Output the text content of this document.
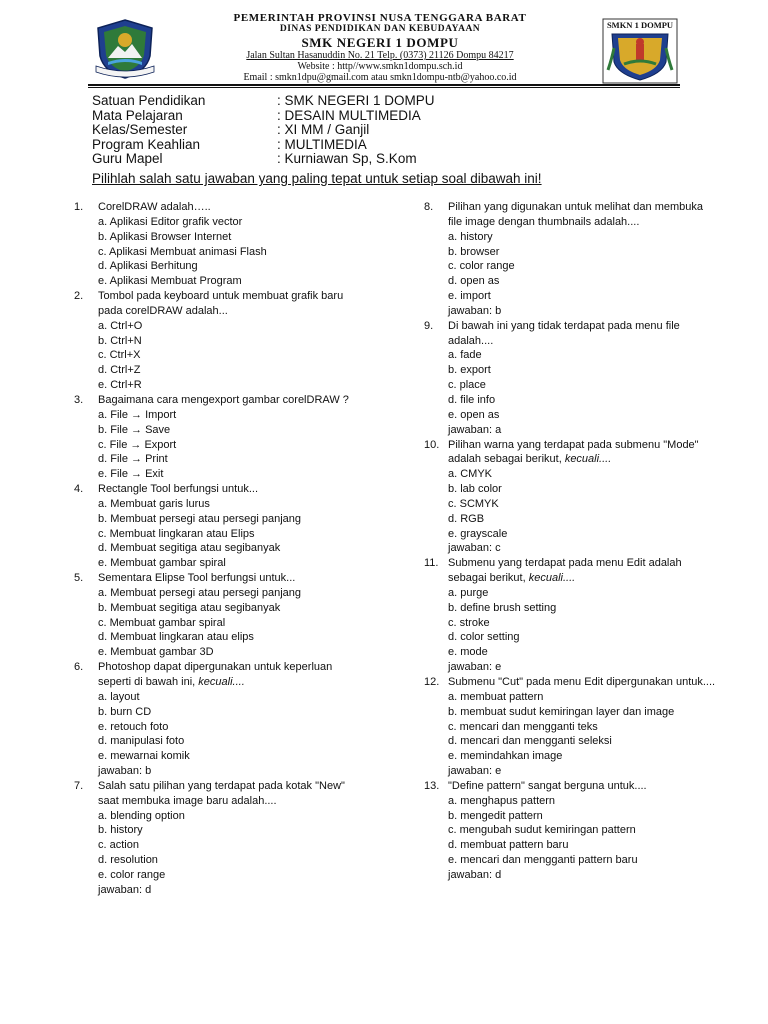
PEMERINTAH PROVINSI NUSA TENGGARA BARAT
DINAS PENDIDIKAN DAN KEBUDAYAAN
SMK NEGERI 1 DOMPU
Jalan Sultan Hasanuddin No. 21 Telp. (0373) 21126 Dompu 84217
Website : http//www.smkn1dompu.sch.id
Email : smkn1dpu@gmail.com atau smkn1dompu-ntb@yahoo.co.id
SMKN 1 DOMPU
Satuan Pendidikan	: SMK NEGERI 1 DOMPU
Mata Pelajaran	: DESAIN MULTIMEDIA
Kelas/Semester	: XI MM / Ganjil
Program Keahlian	: MULTIMEDIA
Guru Mapel	: Kurniawan Sp, S.Kom
Pilihlah salah satu jawaban yang paling tepat untuk setiap soal dibawah ini!
1.	CorelDRAW adalah…..
a. Aplikasi Editor grafik vector
b. Aplikasi Browser Internet
c. Aplikasi Membuat animasi Flash
d. Aplikasi Berhitung
e. Aplikasi Membuat Program
2.	Tombol pada keyboard untuk membuat grafik baru
pada corelDRAW adalah...
a. Ctrl+O
b. Ctrl+N
c. Ctrl+X
d. Ctrl+Z
e. Ctrl+R
3.	Bagaimana cara mengexport gambar corelDRAW ?
a. File → Import
b. File → Save
c. File → Export
d. File → Print
e. File → Exit
4.	Rectangle Tool berfungsi untuk...
a. Membuat garis lurus
b. Membuat persegi atau persegi panjang
c. Membuat lingkaran atau Elips
d. Membuat segitiga atau segibanyak
e. Membuat gambar spiral
5.	Sementara Elipse Tool berfungsi untuk...
a. Membuat persegi atau persegi panjang
b. Membuat segitiga atau segibanyak
c. Membuat gambar spiral
d. Membuat lingkaran atau elips
e. Membuat gambar 3D
6.	Photoshop dapat dipergunakan untuk keperluan
seperti di bawah ini, kecuali....
a. layout
b. burn CD
e. retouch foto
d. manipulasi foto
e. mewarnai komik
jawaban: b
7.	Salah satu pilihan yang terdapat pada kotak "New"
saat membuka image baru adalah....
a. blending option
b. history
c. action
d. resolution
e. color range
jawaban: d
8.	Pilihan yang digunakan untuk melihat dan membuka
file image dengan thumbnails adalah....
a. history
b. browser
c. color range
d. open as
e. import
jawaban: b
9.	Di bawah ini yang tidak terdapat pada menu file
adalah....
a. fade
b. export
c. place
d. file info
e. open as
jawaban: a
10. Pilihan warna yang terdapat pada submenu "Mode"
adalah sebagai berikut, kecuali....
a. CMYK
b. lab color
c. SCMYK
d. RGB
e. grayscale
jawaban: c
11. Submenu yang terdapat pada menu Edit adalah
sebagai berikut, kecuali....
a. purge
b. define brush setting
c. stroke
d. color setting
e. mode
jawaban: e
12. Submenu "Cut" pada menu Edit dipergunakan untuk....
a. membuat pattern
b. membuat sudut kemiringan layer dan image
c. mencari dan mengganti teks
d. mencari dan mengganti seleksi
e. memindahkan image
jawaban: e
13. "Define pattern" sangat berguna untuk....
a. menghapus pattern
b. mengedit pattern
c. mengubah sudut kemiringan pattern
d. membuat pattern baru
e. mencari dan mengganti pattern baru
jawaban: d
